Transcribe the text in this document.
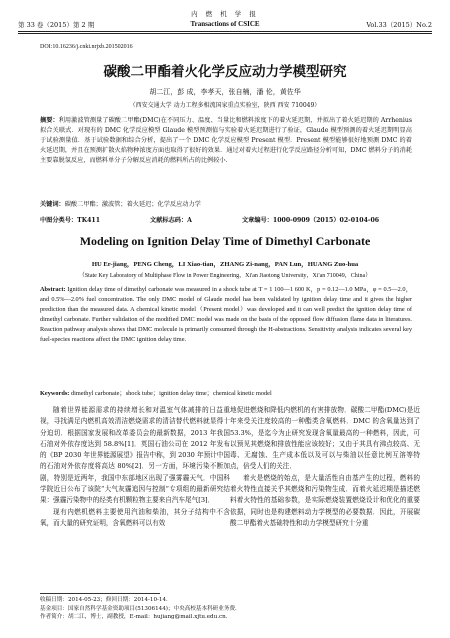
第 33 卷（2015）第 2 期
内 燃 机 学 报
Transactions of CSICE	Vol.33（2015）No.2
DOI:10.16236/j.cnki.nrjxb.201502016
碳酸二甲酯着火化学反应动力学模型研究
胡二江，彭 成，李孝天，张自楠，潘 伦，黄佐华
（西安交通大学 动力工程多相流国家重点实验室，陕西 西安 710049）
摘要：利用激波管测量了碳酸二甲酯(DMC)在不同压力、温度、当量比和燃料浓度下的着火延迟期，并拟出了着火延迟期的 Arrhenius 拟合关联式．对现有的 DMC 化学反应模型 Glaude 模型预测值与实验着火延迟期进行了验证，Glaude 模型预测的着火延迟期明显高于试验测量值．基于试验数据和综合分析，提出了一个 DMC 化学反应模型 Present 模型．Present 模型能够很好地预测 DMC 的着火延迟期，并且在预测扩散火焰物种浓度方面也取得了很好的效果．通过对着火过程进行化学反应路径分析可知，DMC 燃料分子的消耗主要靠脱氢反应，而燃料单分子分解反应消耗的燃料所占的比例较小．
关键词：碳酸二甲酯；激波管；着火延迟；化学反应动力学
中图分类号：TK411	文献标志码：A	文章编号：1000-0909（2015）02-0104-06
Modeling on Ignition Delay Time of Dimethyl Carbonate
HU Er-jiang，PENG Cheng，LI Xiao-tian，ZHANG Zi-nang，PAN Lun，HUANG Zuo-hua
（State Key Laboratory of Multiphase Flow in Power Engineering，Xi'an Jiaotong University，Xi'an 710049，China）
Abstract: Ignition delay time of dimethyl carbonate was measured in a shock tube at T = 1 100—1 600 K，p = 0.12—1.0 MPa，φ = 0.5—2.0，and 0.5%—2.0% fuel concentration. The only DMC model of Glaude model has been validated by ignition delay time and it gives the higher prediction than the measured data. A chemical kinetic model（Present model）was developed and it can well predict the ignition delay time of dimethyl carbonate. Further validation of the modified DMC model was made on the basis of the opposed flow diffusion flame data in literatures. Reaction pathway analysis shows that DMC molecule is primarily consumed through the H-abstractions. Sensitivity analysis indicates several key fuel-species reactions affect the DMC ignition delay time.
Keywords: dimethyl carbonate；shock tube；ignition delay time；chemical kinetic model

随着世界能源需求的持续增长和对温室气体减排的日益重视，寻找满足内燃机高效清洁燃烧需求的清洁替代燃料就显得十分迫切．根据国家发展和改革委员会的最新数据，2013 年我国石油对外依存度达到 58.8%[1]．英国石油公司在 2012 年发布的《BP 2030 年世界能源展望》报告中称，到 2030 年预计中国的石油对外依存度将高达 80%[2]．另一方面，环境污染不断加剧，特别是近两年，我国中东部地区出现了强雾霾天气．中国科学院近日公布了该院“大气灰霾追因与控制”专项组的最新研究结果：强霾污染物中的经类有机颗粒物主要来自汽车尾气[3]．

现有内燃机燃料主要使用汽油和柴油，其分子结构中不含氧，而大量的研究证明，含氧燃料可以有效

地促进燃烧和降低内燃机的有害排放物．碳酸二甲酯(DMC)是近年来受关注度较高的一种酯类含氧燃料．DMC 的含氧量达到了 53.3%，是迄今为止研究发现含氧量最高的一种燃料，因此，可以预见其燃烧和排放性能应该较好；又由于其具有沸点较高、无毒、无腐蚀、生产成本低以及可以与柴油以任意比例互溶等特点，倍受人们的关注．

着火是燃烧的始点，是大量活性自由基产生的过程，燃料的着火特性直接关乎其燃烧和污染物生成．而着火延迟期是描述燃料着火特性的基础参数，是实际燃烧装置燃烧设计和优化的重要依据，同时也是构建燃料动力学模型的必要数据．因此，开展碳酸二甲酯着火基础特性和动力学模型研究十分重

收稿日期：2014-05-23；修回日期：2014-10-14．
基金项目：国家自然科学基金资助项目(51306144)；中央高校基本科研业务费．
作者简介：胡二江，博士，副教授，E-mail：hujiang@mail.xjtu.edu.cn．
